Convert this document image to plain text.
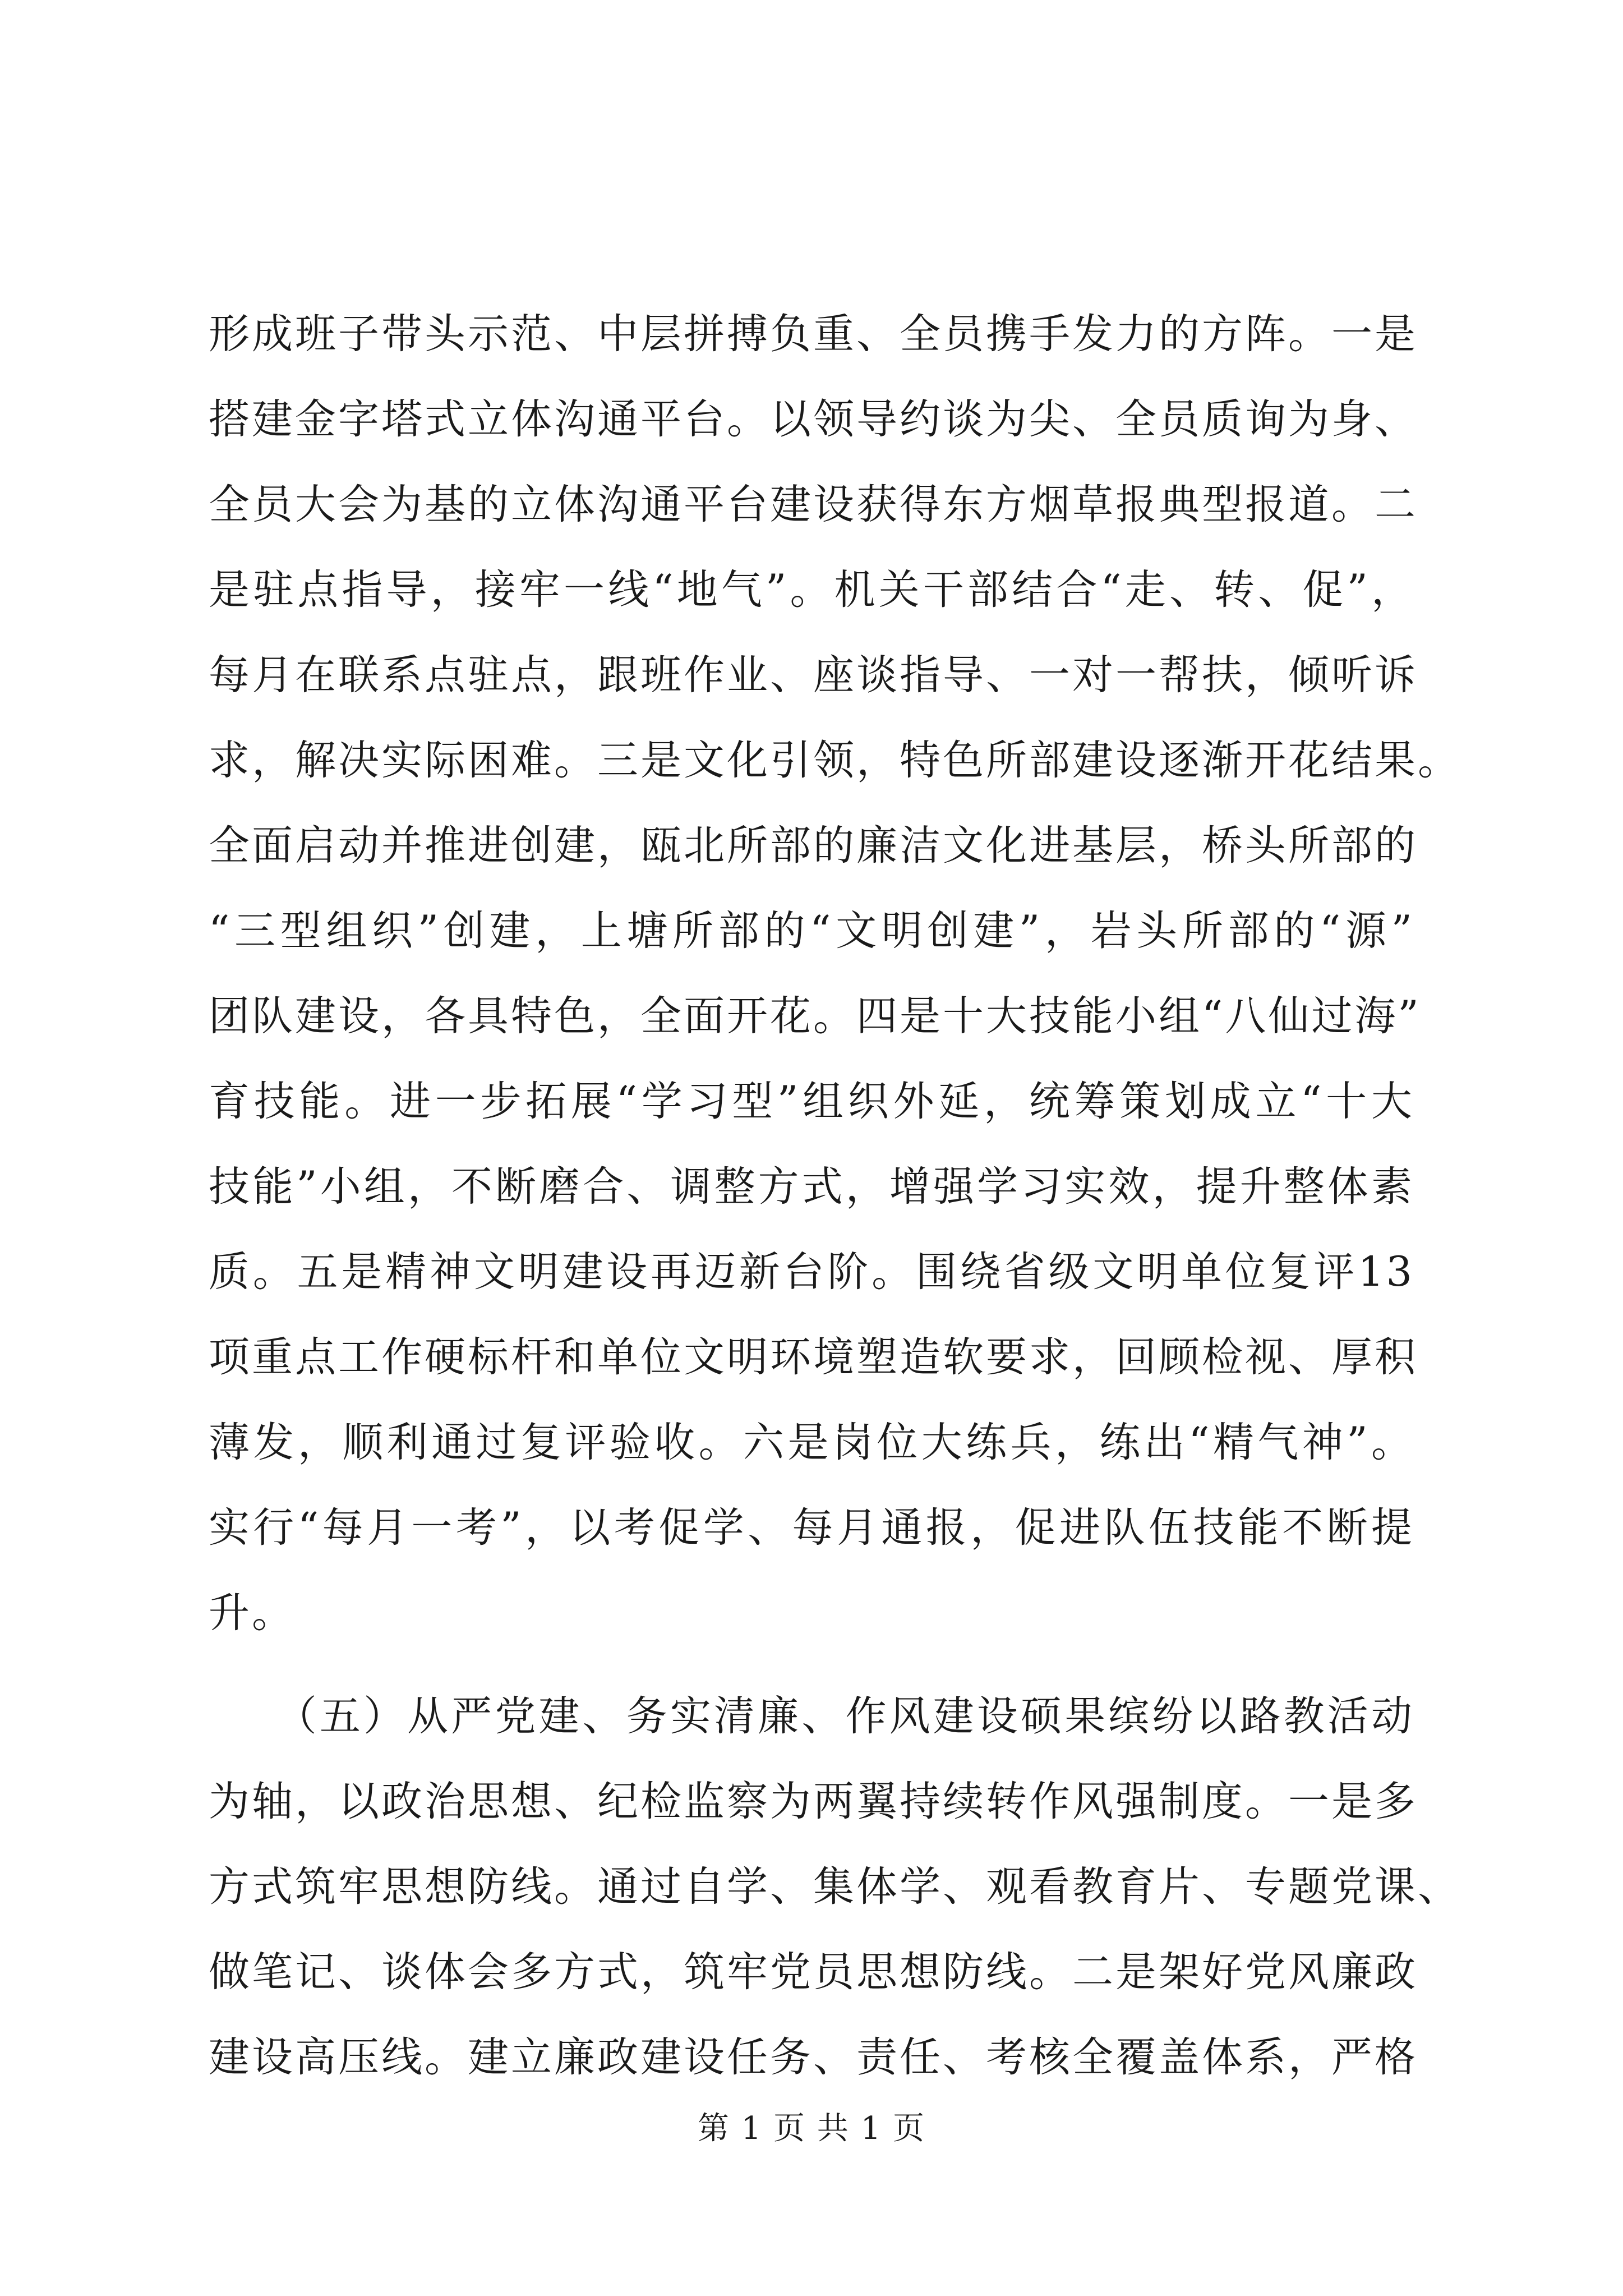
形成班子带头示范、中层拼搏负重、全员携手发力的方阵。一是
搭建金字塔式立体沟通平台。以领导约谈为尖、全员质询为身、
全员大会为基的立体沟通平台建设获得东方烟草报典型报道。二
是驻点指导，接牢一线“地气”。机关干部结合“走、转、促”，
每月在联系点驻点，跟班作业、座谈指导、一对一帮扶，倾听诉
求，解决实际困难。三是文化引领，特色所部建设逐渐开花结果。
全面启动并推进创建，瓯北所部的廉洁文化进基层，桥头所部的
“三型组织”创建，上塘所部的“文明创建”，岩头所部的“源”
团队建设，各具特色，全面开花。四是十大技能小组“八仙过海”
育技能。进一步拓展“学习型”组织外延，统筹策划成立“十大
技能”小组，不断磨合、调整方式，增强学习实效，提升整体素
质。五是精神文明建设再迈新台阶。围绕省级文明单位复评13
项重点工作硬标杆和单位文明环境塑造软要求，回顾检视、厚积
薄发，顺利通过复评验收。六是岗位大练兵，练出“精气神”。
实行“每月一考”，以考促学、每月通报，促进队伍技能不断提
升。
　　（五）从严党建、务实清廉、作风建设硕果缤纷以路教活动
为轴，以政治思想、纪检监察为两翼持续转作风强制度。一是多
方式筑牢思想防线。通过自学、集体学、观看教育片、专题党课、
做笔记、谈体会多方式，筑牢党员思想防线。二是架好党风廉政
建设高压线。建立廉政建设任务、责任、考核全覆盖体系，严格
第 1 页 共 1 页
